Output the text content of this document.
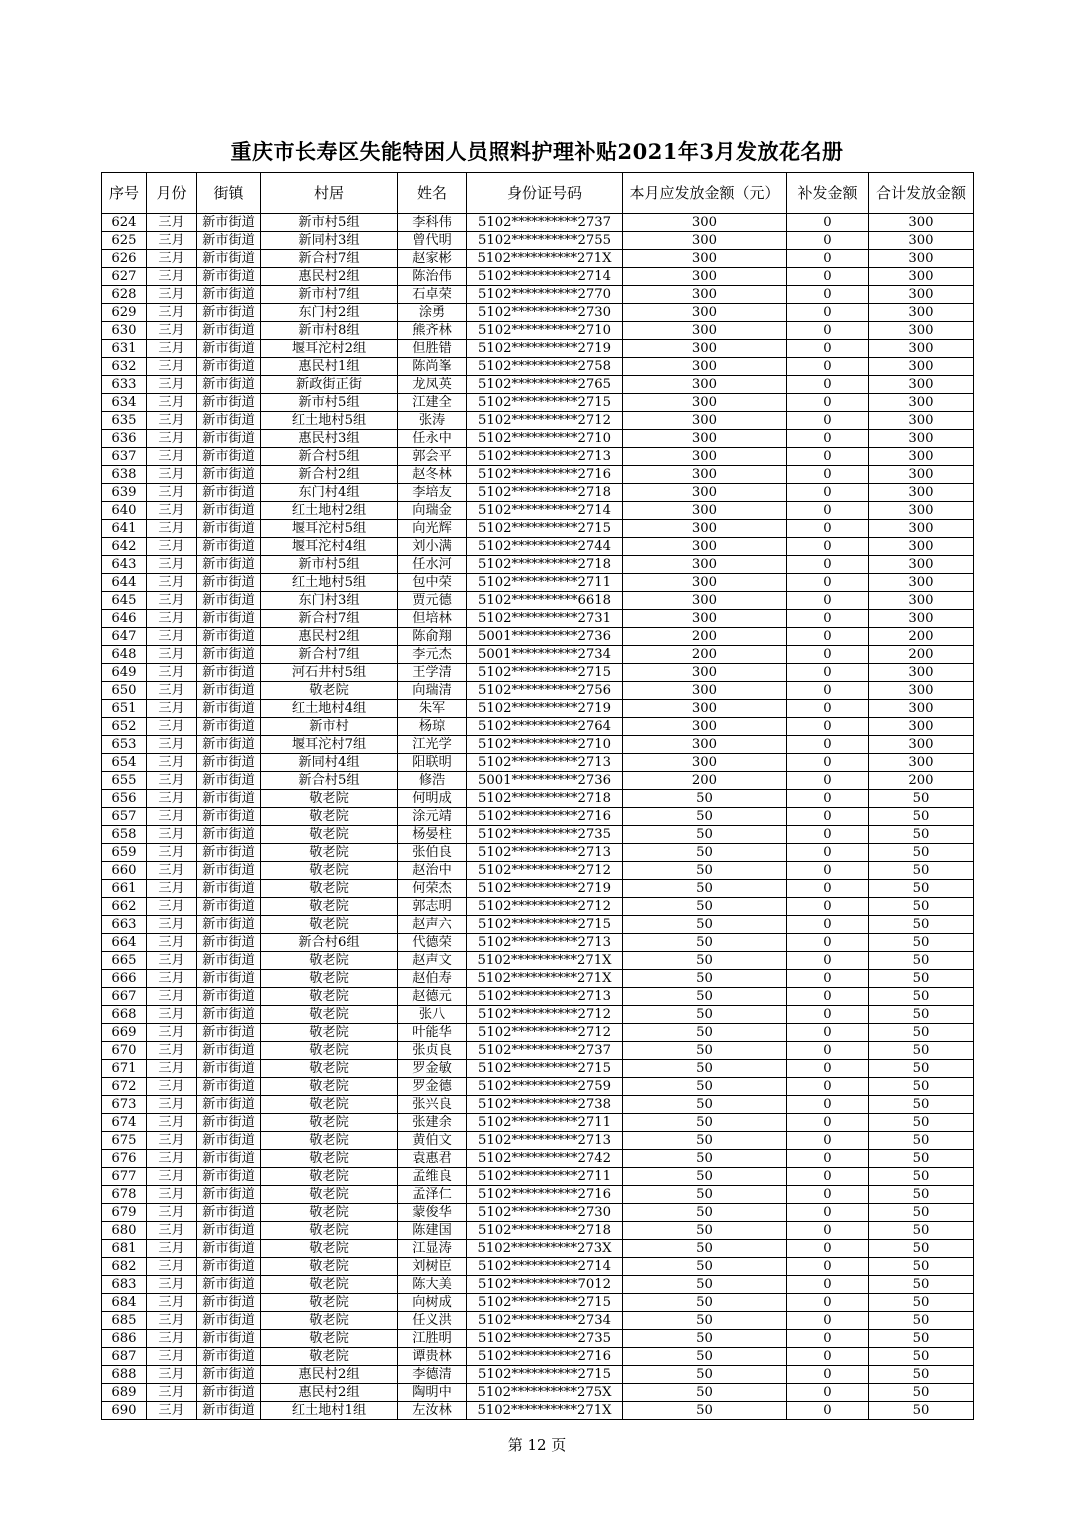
重庆市长寿区失能特困人员照料护理补贴2021年3月发放花名册
序号	月份	街镇	村居	姓名	身份证号码	本月应发放金额（元）	补发金额	合计发放金额
624	三月	新市街道	新市村5组	李科伟	5102**********2737	300	0	300
625	三月	新市街道	新同村3组	曾代明	5102**********2755	300	0	300
626	三月	新市街道	新合村7组	赵家彬	5102**********271X	300	0	300
627	三月	新市街道	惠民村2组	陈治伟	5102**********2714	300	0	300
628	三月	新市街道	新市村7组	石卓荣	5102**********2770	300	0	300
629	三月	新市街道	东门村2组	涂勇	5102**********2730	300	0	300
630	三月	新市街道	新市村8组	熊齐林	5102**********2710	300	0	300
631	三月	新市街道	堰耳沱村2组	但胜错	5102**********2719	300	0	300
632	三月	新市街道	惠民村1组	陈尚峯	5102**********2758	300	0	300
633	三月	新市街道	新政街正街	龙凤英	5102**********2765	300	0	300
634	三月	新市街道	新市村5组	江建全	5102**********2715	300	0	300
635	三月	新市街道	红土地村5组	张涛	5102**********2712	300	0	300
636	三月	新市街道	惠民村3组	任永中	5102**********2710	300	0	300
637	三月	新市街道	新合村5组	郭会平	5102**********2713	300	0	300
638	三月	新市街道	新合村2组	赵冬林	5102**********2716	300	0	300
639	三月	新市街道	东门村4组	李培友	5102**********2718	300	0	300
640	三月	新市街道	红土地村2组	向瑞金	5102**********2714	300	0	300
641	三月	新市街道	堰耳沱村5组	向光辉	5102**********2715	300	0	300
642	三月	新市街道	堰耳沱村4组	刘小满	5102**********2744	300	0	300
643	三月	新市街道	新市村5组	任水河	5102**********2718	300	0	300
644	三月	新市街道	红土地村5组	包中荣	5102**********2711	300	0	300
645	三月	新市街道	东门村3组	贾元德	5102**********6618	300	0	300
646	三月	新市街道	新合村7组	但培林	5102**********2731	300	0	300
647	三月	新市街道	惠民村2组	陈俞翔	5001**********2736	200	0	200
648	三月	新市街道	新合村7组	李元杰	5001**********2734	200	0	200
649	三月	新市街道	河石井村5组	王学清	5102**********2715	300	0	300
650	三月	新市街道	敬老院	向瑞清	5102**********2756	300	0	300
651	三月	新市街道	红土地村4组	朱军	5102**********2719	300	0	300
652	三月	新市街道	新市村	杨琼	5102**********2764	300	0	300
653	三月	新市街道	堰耳沱村7组	江光学	5102**********2710	300	0	300
654	三月	新市街道	新同村4组	阳联明	5102**********2713	300	0	300
655	三月	新市街道	新合村5组	修浩	5001**********2736	200	0	200
656	三月	新市街道	敬老院	何明成	5102**********2718	50	0	50
657	三月	新市街道	敬老院	涂元靖	5102**********2716	50	0	50
658	三月	新市街道	敬老院	杨晏柱	5102**********2735	50	0	50
659	三月	新市街道	敬老院	张伯良	5102**********2713	50	0	50
660	三月	新市街道	敬老院	赵治中	5102**********2712	50	0	50
661	三月	新市街道	敬老院	何荣杰	5102**********2719	50	0	50
662	三月	新市街道	敬老院	郭志明	5102**********2712	50	0	50
663	三月	新市街道	敬老院	赵声六	5102**********2715	50	0	50
664	三月	新市街道	新合村6组	代德荣	5102**********2713	50	0	50
665	三月	新市街道	敬老院	赵声文	5102**********271X	50	0	50
666	三月	新市街道	敬老院	赵伯寿	5102**********271X	50	0	50
667	三月	新市街道	敬老院	赵德元	5102**********2713	50	0	50
668	三月	新市街道	敬老院	张八	5102**********2712	50	0	50
669	三月	新市街道	敬老院	叶能华	5102**********2712	50	0	50
670	三月	新市街道	敬老院	张贞良	5102**********2737	50	0	50
671	三月	新市街道	敬老院	罗金敏	5102**********2715	50	0	50
672	三月	新市街道	敬老院	罗金德	5102**********2759	50	0	50
673	三月	新市街道	敬老院	张兴良	5102**********2738	50	0	50
674	三月	新市街道	敬老院	张建余	5102**********2711	50	0	50
675	三月	新市街道	敬老院	黄伯文	5102**********2713	50	0	50
676	三月	新市街道	敬老院	袁惠君	5102**********2742	50	0	50
677	三月	新市街道	敬老院	孟维良	5102**********2711	50	0	50
678	三月	新市街道	敬老院	孟泽仁	5102**********2716	50	0	50
679	三月	新市街道	敬老院	蒙俊华	5102**********2730	50	0	50
680	三月	新市街道	敬老院	陈建国	5102**********2718	50	0	50
681	三月	新市街道	敬老院	江显涛	5102**********273X	50	0	50
682	三月	新市街道	敬老院	刘树臣	5102**********2714	50	0	50
683	三月	新市街道	敬老院	陈大美	5102**********7012	50	0	50
684	三月	新市街道	敬老院	向树成	5102**********2715	50	0	50
685	三月	新市街道	敬老院	任义洪	5102**********2734	50	0	50
686	三月	新市街道	敬老院	江胜明	5102**********2735	50	0	50
687	三月	新市街道	敬老院	谭贵林	5102**********2716	50	0	50
688	三月	新市街道	惠民村2组	李德清	5102**********2715	50	0	50
689	三月	新市街道	惠民村2组	陶明中	5102**********275X	50	0	50
690	三月	新市街道	红土地村1组	左汝林	5102**********271X	50	0	50
第 12 页
